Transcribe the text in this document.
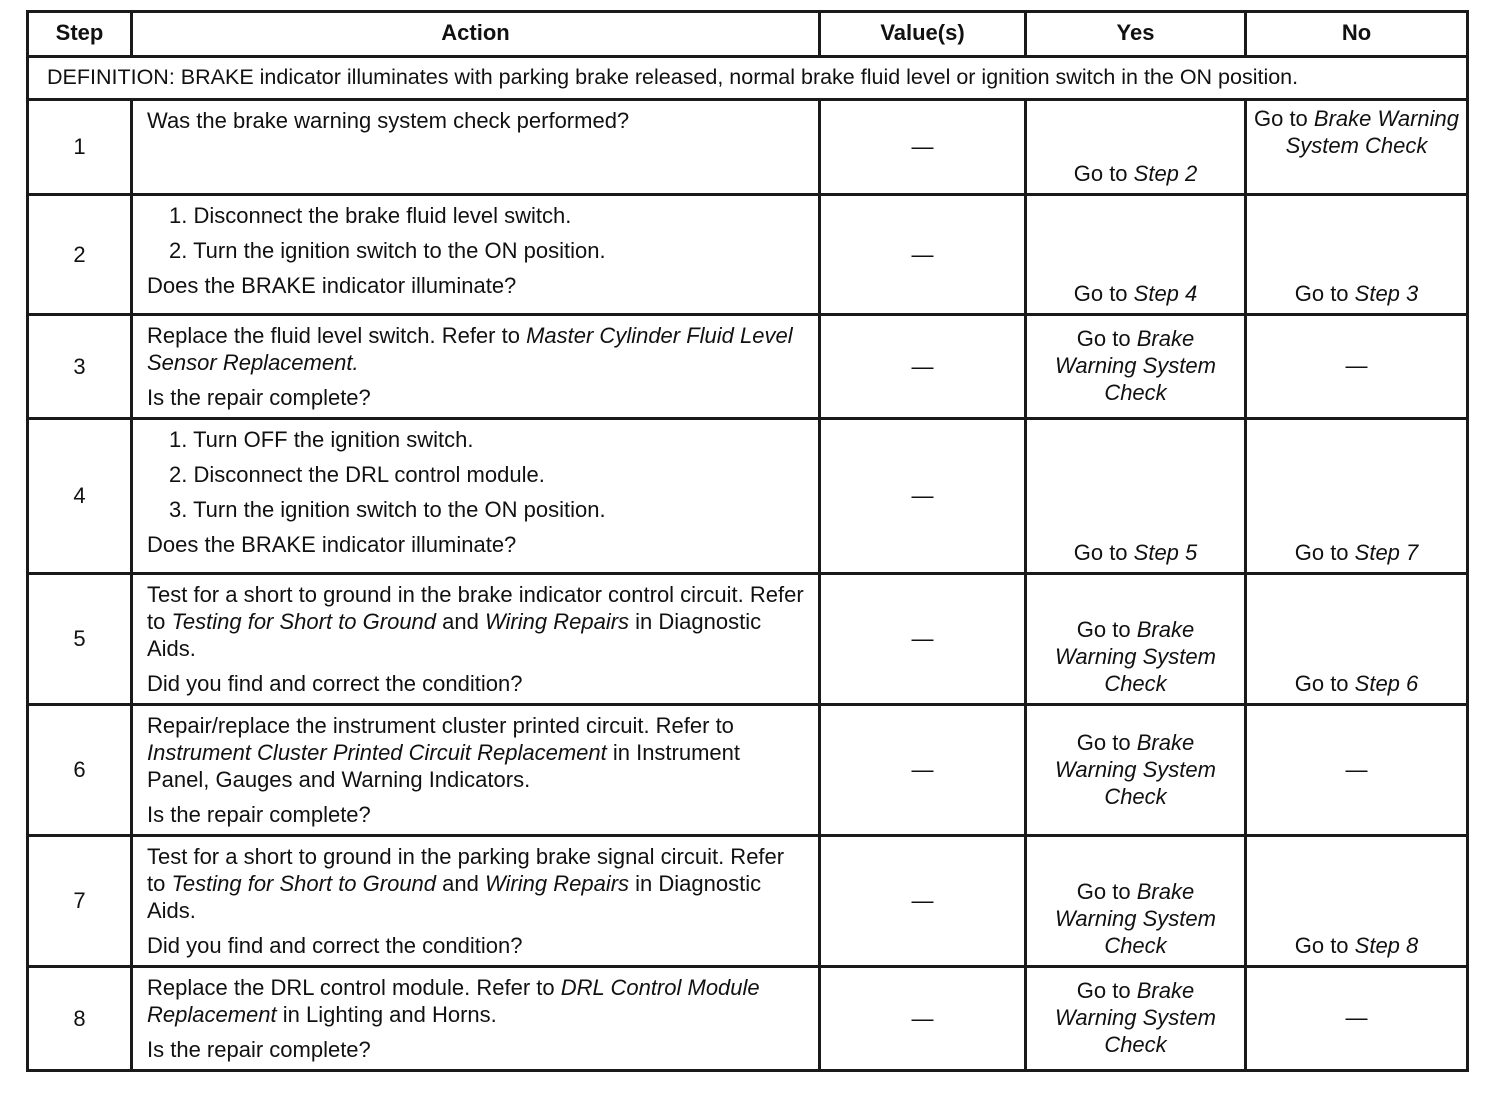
Step	Action	Value(s)	Yes	No
DEFINITION: BRAKE indicator illuminates with parking brake released, normal brake fluid level or ignition switch in the ON position.				
1	Was the brake warning system check performed?	—	Go to Step 2	Go to Brake Warning System Check
2	1. Disconnect the brake fluid level switch.

2. Turn the ignition switch to the ON position.

Does the BRAKE indicator illuminate?	—	Go to Step 4	Go to Step 3
3	Replace the fluid level switch. Refer to Master Cylinder Fluid Level Sensor Replacement.

Is the repair complete?	—	Go to Brake Warning System Check	—
4	1. Turn OFF the ignition switch.

2. Disconnect the DRL control module.

3. Turn the ignition switch to the ON position.

Does the BRAKE indicator illuminate?	—	Go to Step 5	Go to Step 7
5	Test for a short to ground in the brake indicator control circuit. Refer to Testing for Short to Ground and Wiring Repairs in Diagnostic Aids.

Did you find and correct the condition?	—	Go to Brake Warning System Check	Go to Step 6
6	Repair/replace the instrument cluster printed circuit. Refer to Instrument Cluster Printed Circuit Replacement in Instrument Panel, Gauges and Warning Indicators.

Is the repair complete?	—	Go to Brake Warning System Check	—
7	Test for a short to ground in the parking brake signal circuit. Refer to Testing for Short to Ground and Wiring Repairs in Diagnostic Aids.

Did you find and correct the condition?	—	Go to Brake Warning System Check	Go to Step 8
8	Replace the DRL control module. Refer to DRL Control Module Replacement in Lighting and Horns.

Is the repair complete?	—	Go to Brake Warning System Check	—
